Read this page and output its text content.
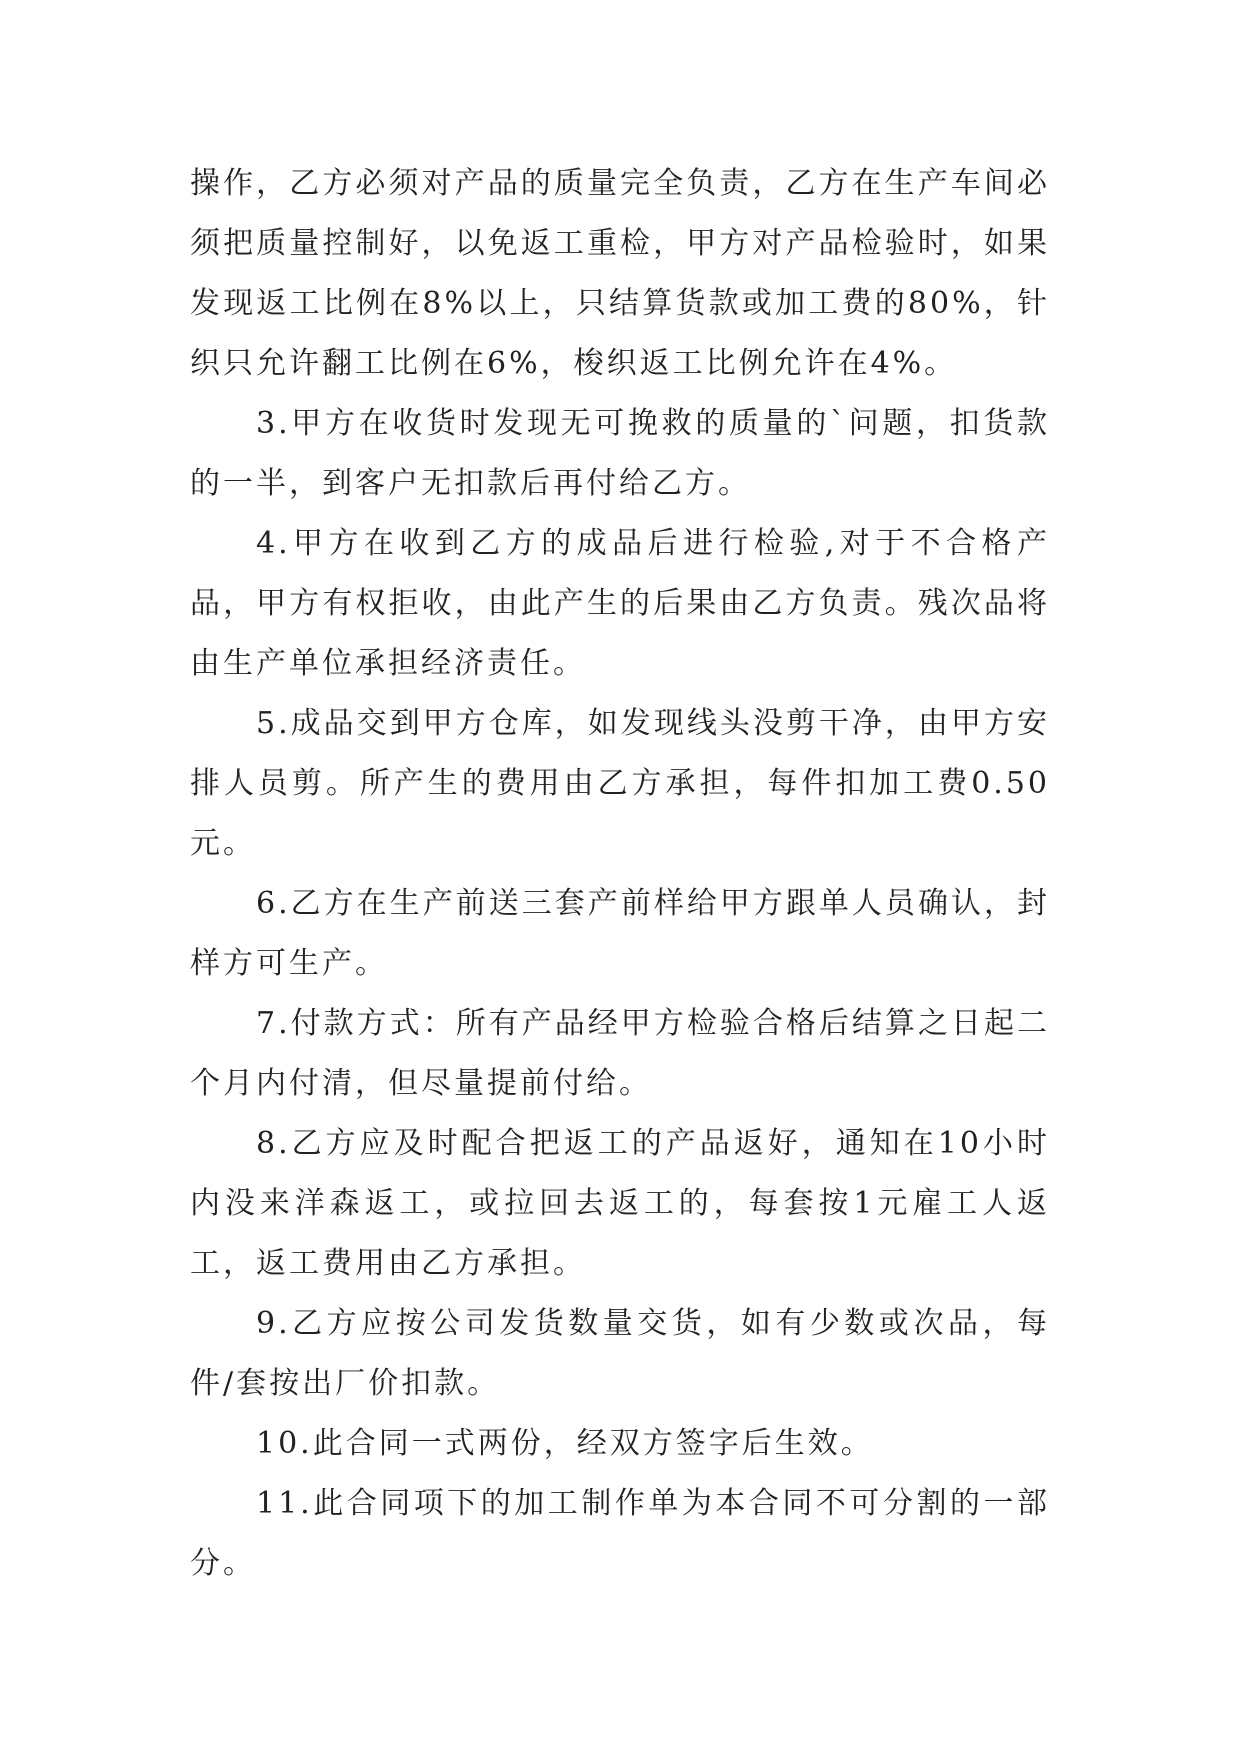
操作，乙方必须对产品的质量完全负责，乙方在生产车间必须把质量控制好，以免返工重检，甲方对产品检验时，如果发现返工比例在8%以上，只结算货款或加工费的80%，针织只允许翻工比例在6%，梭织返工比例允许在4%。

3.甲方在收货时发现无可挽救的质量的`问题，扣货款的一半，到客户无扣款后再付给乙方。

4.甲方在收到乙方的成品后进行检验,对于不合格产品，甲方有权拒收，由此产生的后果由乙方负责。残次品将由生产单位承担经济责任。

5.成品交到甲方仓库，如发现线头没剪干净，由甲方安排人员剪。所产生的费用由乙方承担，每件扣加工费0.50元。

6.乙方在生产前送三套产前样给甲方跟单人员确认，封样方可生产。

7.付款方式：所有产品经甲方检验合格后结算之日起二个月内付清，但尽量提前付给。

8.乙方应及时配合把返工的产品返好，通知在10小时内没来洋森返工，或拉回去返工的，每套按1元雇工人返工，返工费用由乙方承担。

9.乙方应按公司发货数量交货，如有少数或次品，每件/套按出厂价扣款。

10.此合同一式两份，经双方签字后生效。

11.此合同项下的加工制作单为本合同不可分割的一部分。
